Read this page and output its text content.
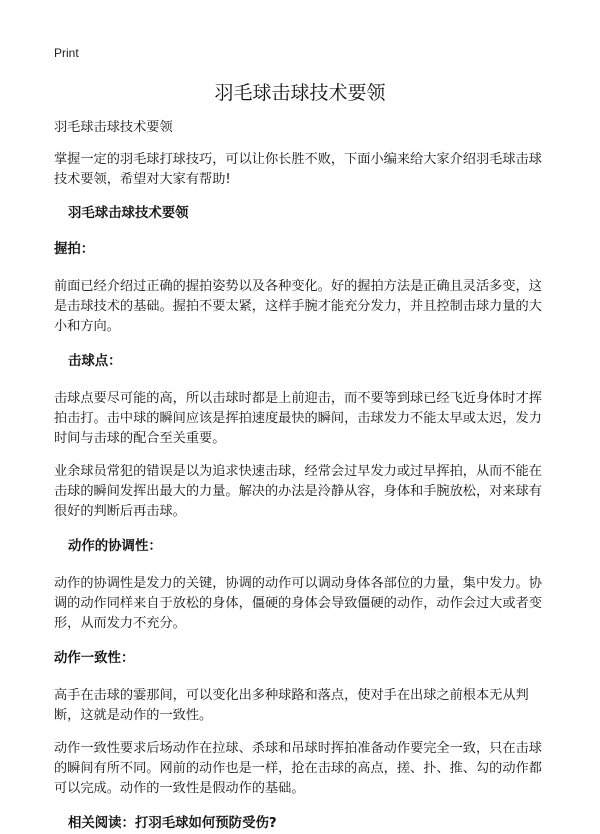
Print
羽毛球击球技术要领

羽毛球击球技术要领

掌握一定的羽毛球打球技巧，可以让你长胜不败，下面小编来给大家介绍羽毛球击球技术要领，希望对大家有帮助!

羽毛球击球技术要领

握拍：

前面已经介绍过正确的握拍姿势以及各种变化。好的握拍方法是正确且灵活多变，这是击球技术的基础。握拍不要太紧，这样手腕才能充分发力，并且控制击球力量的大小和方向。

击球点：

击球点要尽可能的高，所以击球时都是上前迎击，而不要等到球已经飞近身体时才挥拍击打。击中球的瞬间应该是挥拍速度最快的瞬间，击球发力不能太早或太迟，发力时间与击球的配合至关重要。

业余球员常犯的错误是以为追求快速击球，经常会过早发力或过早挥拍，从而不能在击球的瞬间发挥出最大的力量。解决的办法是泠静从容，身体和手腕放松，对来球有很好的判断后再击球。

动作的协调性：

动作的协调性是发力的关键，协调的动作可以调动身体各部位的力量，集中发力。协调的动作同样来自于放松的身体，僵硬的身体会导致僵硬的动作，动作会过大或者变形，从而发力不充分。

动作一致性：

高手在击球的霎那间，可以变化出多种球路和落点，使对手在出球之前根本无从判断，这就是动作的一致性。

动作一致性要求后场动作在拉球、杀球和吊球时挥拍准备动作要完全一致，只在击球的瞬间有所不同。网前的动作也是一样，抢在击球的高点，搓、扑、推、勾的动作都可以完成。动作的一致性是假动作的基础。

相关阅读：打羽毛球如何预防受伤?
